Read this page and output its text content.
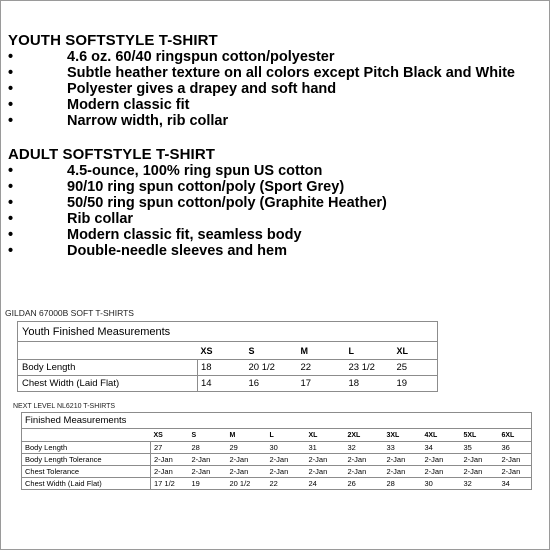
YOUTH SOFTSTYLE T-SHIRT
•	4.6 oz. 60/40 ringspun cotton/polyester
•	Subtle heather texture on all colors except Pitch Black and White
•	Polyester gives a drapey and soft hand
•	Modern classic fit
•	Narrow width, rib collar
ADULT SOFTSTYLE T-SHIRT
•	4.5-ounce, 100% ring spun US cotton
•	90/10 ring spun cotton/poly (Sport Grey)
•	50/50 ring spun cotton/poly (Graphite Heather)
•	Rib collar
•	Modern classic fit, seamless body
•	Double-needle sleeves and hem
GILDAN 67000B SOFT T-SHIRTS
Youth Finished Measurements						
	XS	S	M	L	XL	
Body Length	18	20 1/2	22	23 1/2	25	
Chest Width (Laid Flat)	14	16	17	18	19	
NEXT LEVEL NL6210 T-SHIRTS
Finished Measurements											
	XS	S	M	L	XL	2XL	3XL	4XL	5XL	6XL	
Body Length	27	28	29	30	31	32	33	34	35	36	
Body Length Tolerance	2-Jan	2-Jan	2-Jan	2-Jan	2-Jan	2-Jan	2-Jan	2-Jan	2-Jan	2-Jan	
Chest Tolerance	2-Jan	2-Jan	2-Jan	2-Jan	2-Jan	2-Jan	2-Jan	2-Jan	2-Jan	2-Jan	
Chest Width (Laid Flat)	17 1/2	19	20 1/2	22	24	26	28	30	32	34	
